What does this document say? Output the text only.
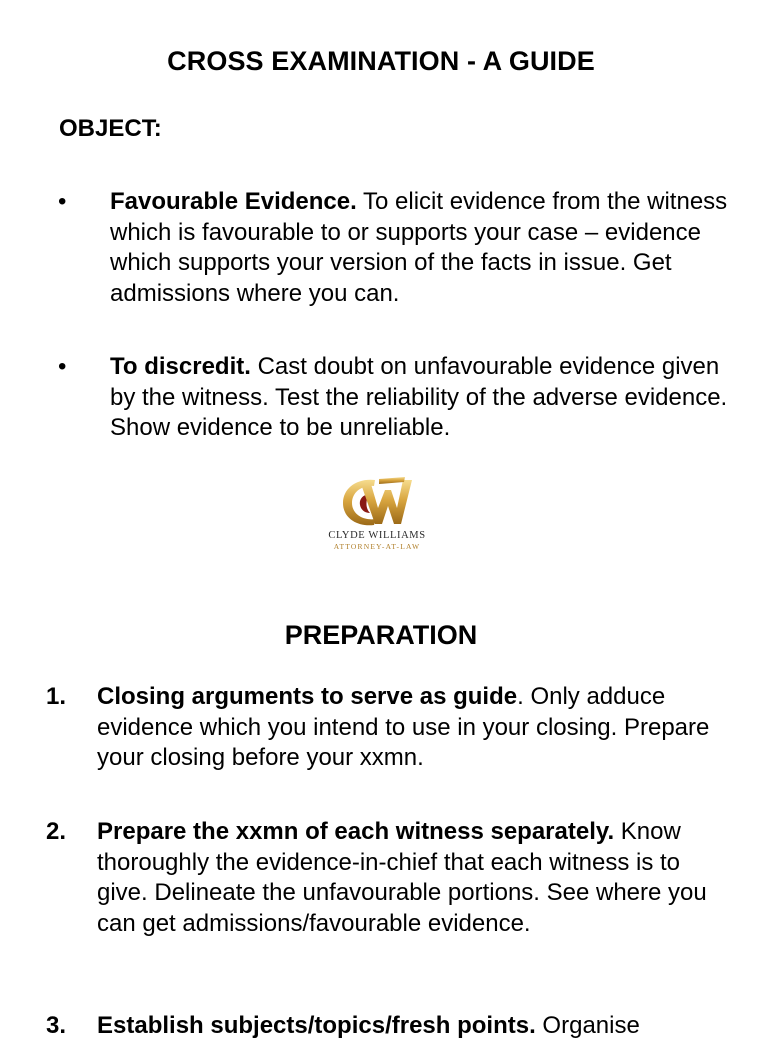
CROSS EXAMINATION - A GUIDE
OBJECT:
• Favourable Evidence. To elicit evidence from the witness which is favourable to or supports your case – evidence which supports your version of the facts in issue. Get admissions where you can.
• To discredit. Cast doubt on unfavourable evidence given by the witness. Test the reliability of the adverse evidence. Show evidence to be unreliable.
CLYDE WILLIAMS
ATTORNEY-AT-LAW
PREPARATION
1. Closing arguments to serve as guide. Only adduce evidence which you intend to use in your closing. Prepare your closing before your xxmn.
2. Prepare the xxmn of each witness separately. Know thoroughly the evidence-in-chief that each witness is to give. Delineate the unfavourable portions. See where you can get admissions/favourable evidence.
3. Establish subjects/topics/fresh points. Organise
